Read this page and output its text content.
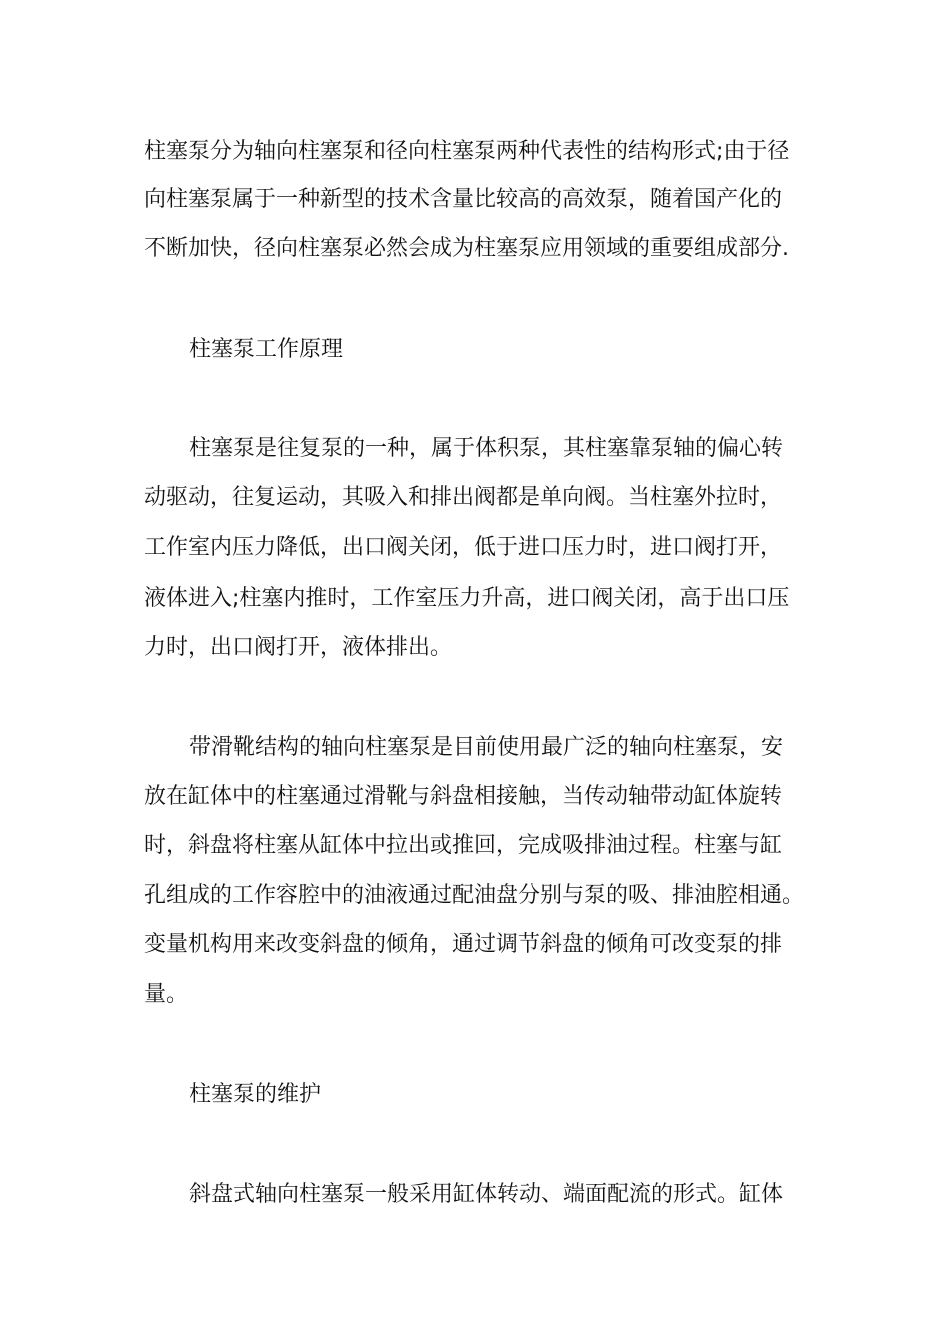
柱塞泵分为轴向柱塞泵和径向柱塞泵两种代表性的结构形式;由于径
向柱塞泵属于一种新型的技术含量比较高的高效泵，随着国产化的
不断加快，径向柱塞泵必然会成为柱塞泵应用领域的重要组成部分.
柱塞泵工作原理
柱塞泵是往复泵的一种，属于体积泵，其柱塞靠泵轴的偏心转
动驱动，往复运动，其吸入和排出阀都是单向阀。当柱塞外拉时，
工作室内压力降低，出口阀关闭，低于进口压力时，进口阀打开，
液体进入;柱塞内推时，工作室压力升高，进口阀关闭，高于出口压
力时，出口阀打开，液体排出。
带滑靴结构的轴向柱塞泵是目前使用最广泛的轴向柱塞泵，安
放在缸体中的柱塞通过滑靴与斜盘相接触，当传动轴带动缸体旋转
时，斜盘将柱塞从缸体中拉出或推回，完成吸排油过程。柱塞与缸
孔组成的工作容腔中的油液通过配油盘分别与泵的吸、排油腔相通。
变量机构用来改变斜盘的倾角，通过调节斜盘的倾角可改变泵的排
量。
柱塞泵的维护
斜盘式轴向柱塞泵一般采用缸体转动、端面配流的形式。缸体
